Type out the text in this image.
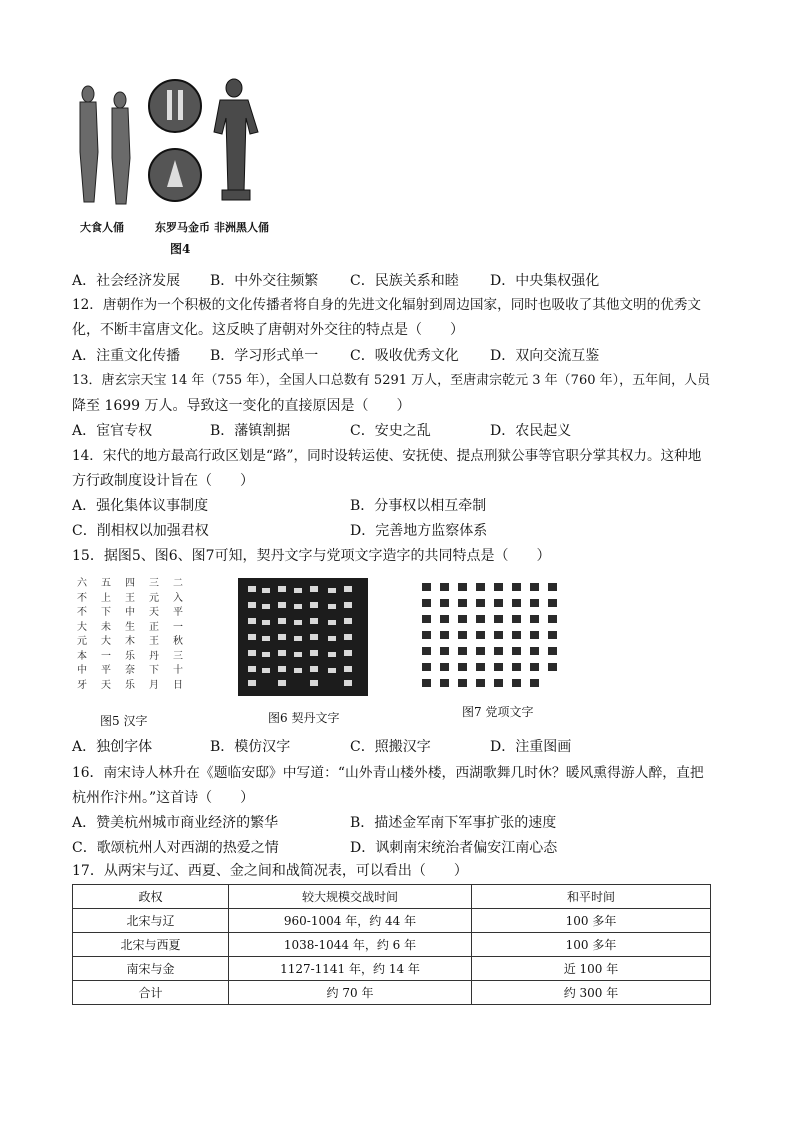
大食人俑	东罗马金币 非洲黑人俑
图4
A．社会经济发展 B．中外交往频繁 C．民族关系和睦 D．中央集权强化
12．唐朝作为一个积极的文化传播者将自身的先进文化辐射到周边国家，同时也吸收了其他文明的优秀文
化，不断丰富唐文化。这反映了唐朝对外交往的特点是（　　）
A．注重文化传播 B．学习形式单一 C．吸收优秀文化 D．双向交流互鉴
13．唐玄宗天宝 14 年（755 年），全国人口总数有 5291 万人，至唐肃宗乾元 3 年（760 年），五年间，人员
降至 1699 万人。导致这一变化的直接原因是（　　）
A．宦官专权	B．藩镇割据	C．安史之乱	D．农民起义
14．宋代的地方最高行政区划是“路”，同时设转运使、安抚使、提点刑狱公事等官职分掌其权力。这种地
方行政制度设计旨在（　　）
A．强化集体议事制度	B．分事权以相互牵制
C．削相权以加强君权	D．完善地方监察体系
15．据图5、图6、图7可知，契丹文字与党项文字造字的共同特点是（　　）
六	五	四	三	二
不	上	王	元	入
不	下	中	天	平
大	未	生	正	一
元	大	木	王	秋
本	一	乐	丹	三
中	平	奈	下	十
牙	天	乐	月	日
图5 汉字	图6 契丹文字	图7 党项文字
A．独创字体	B．模仿汉字	C．照搬汉字	D．注重图画
16．南宋诗人林升在《题临安邸》中写道：“山外青山楼外楼，西湖歌舞几时休？暖风熏得游人醉，直把
杭州作汴州。”这首诗（　　）
A．赞美杭州城市商业经济的繁华	B．描述金军南下军事扩张的速度
C．歌颂杭州人对西湖的热爱之情	D．讽刺南宋统治者偏安江南心态
17．从两宋与辽、西夏、金之间和战简况表，可以看出（　　）
政权	较大规模交战时间	和平时间
北宋与辽	960-1004 年，约 44 年	100 多年
北宋与西夏	1038-1044 年，约 6 年	100 多年
南宋与金	1127-1141 年，约 14 年	近 100 年
合计	约 70 年	约 300 年
